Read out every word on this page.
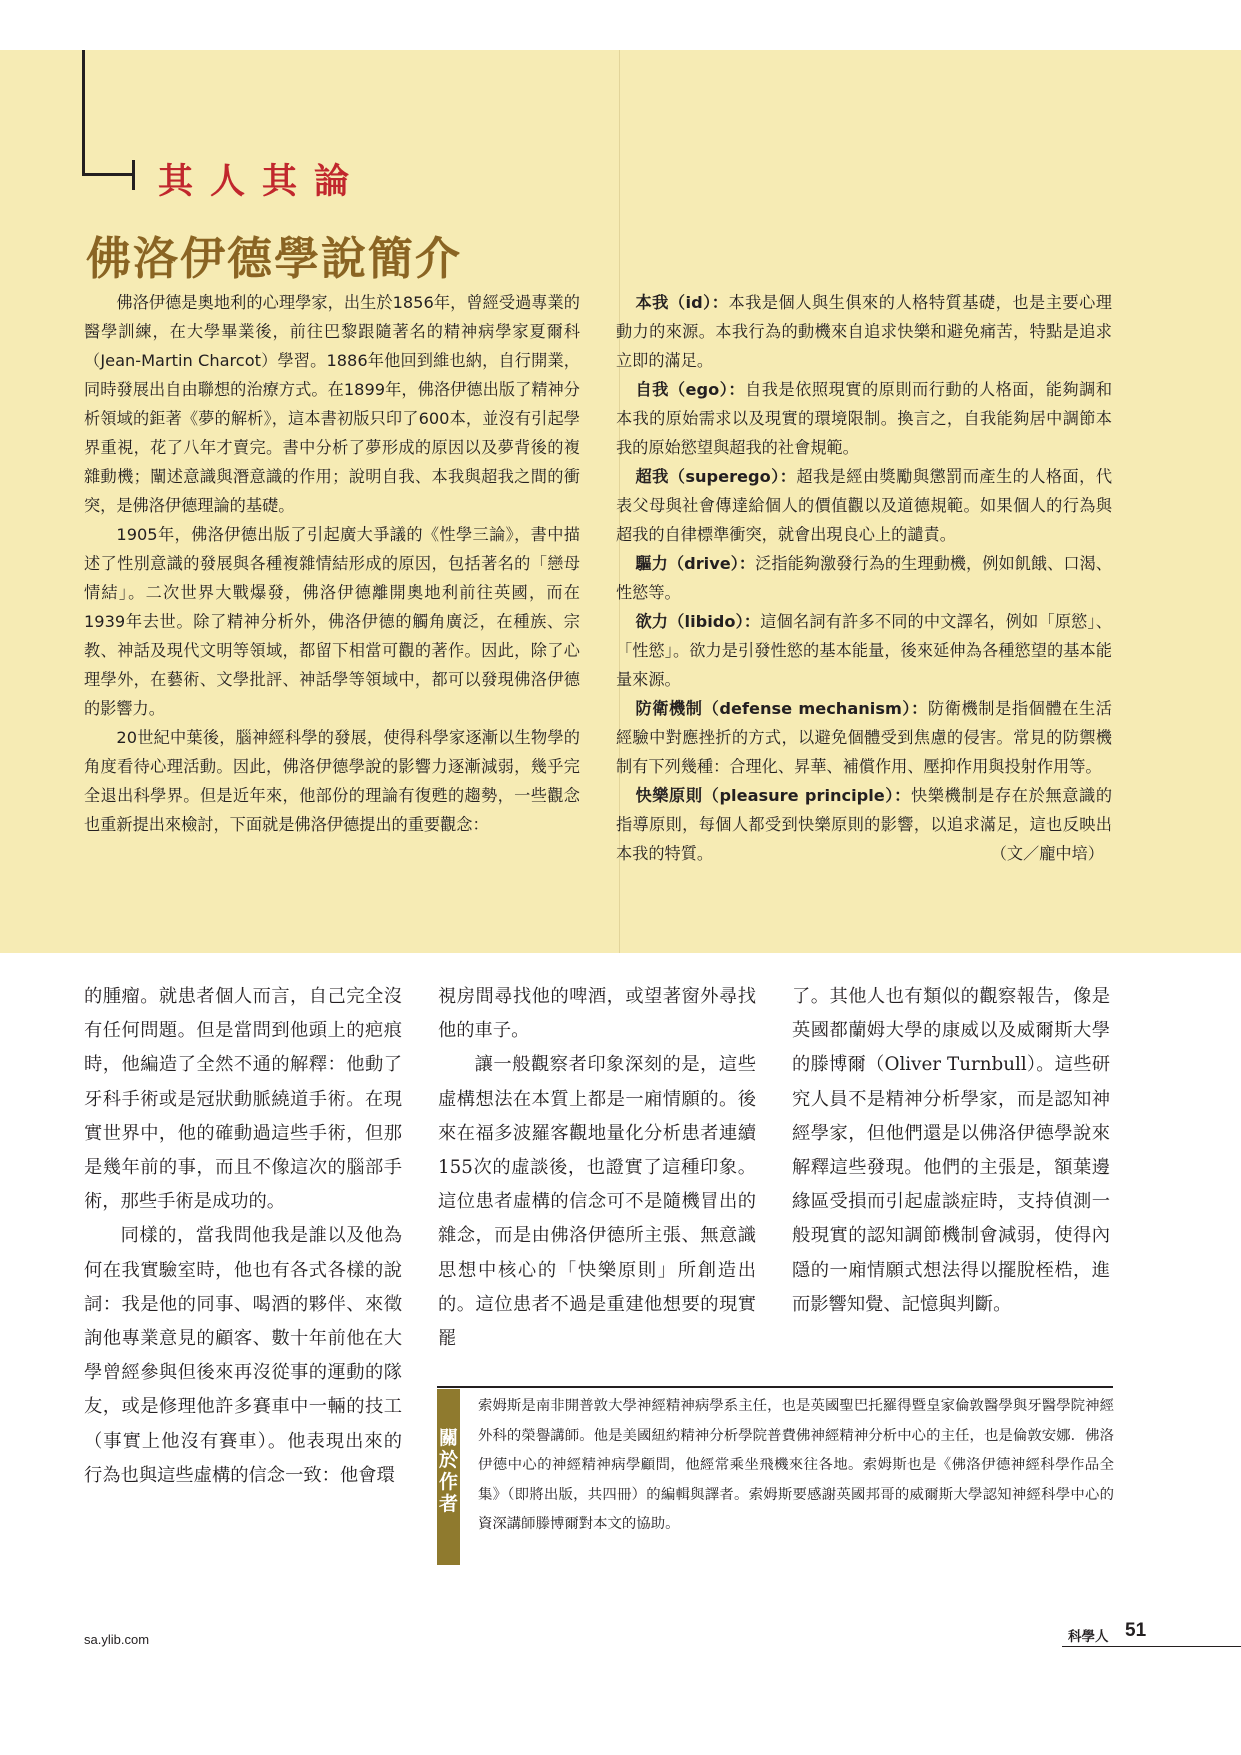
其人其論
佛洛伊德學說簡介

佛洛伊德是奧地利的心理學家，出生於1856年，曾經受過專業的醫學訓練，在大學畢業後，前往巴黎跟隨著名的精神病學家夏爾科（Jean-Martin Charcot）學習。1886年他回到維也納，自行開業，同時發展出自由聯想的治療方式。在1899年，佛洛伊德出版了精神分析領域的鉅著《夢的解析》，這本書初版只印了600本，並沒有引起學界重視，花了八年才賣完。書中分析了夢形成的原因以及夢背後的複雜動機；闡述意識與潛意識的作用；說明自我、本我與超我之間的衝突，是佛洛伊德理論的基礎。

1905年，佛洛伊德出版了引起廣大爭議的《性學三論》，書中描述了性別意識的發展與各種複雜情結形成的原因，包括著名的「戀母情結」。二次世界大戰爆發，佛洛伊德離開奧地利前往英國，而在1939年去世。除了精神分析外，佛洛伊德的觸角廣泛，在種族、宗教、神話及現代文明等領域，都留下相當可觀的著作。因此，除了心理學外，在藝術、文學批評、神話學等領域中，都可以發現佛洛伊德的影響力。

20世紀中葉後，腦神經科學的發展，使得科學家逐漸以生物學的角度看待心理活動。因此，佛洛伊德學說的影響力逐漸減弱，幾乎完全退出科學界。但是近年來，他部份的理論有復甦的趨勢，一些觀念也重新提出來檢討，下面就是佛洛伊德提出的重要觀念：

本我（id）：本我是個人與生俱來的人格特質基礎，也是主要心理動力的來源。本我行為的動機來自追求快樂和避免痛苦，特點是追求立即的滿足。

自我（ego）：自我是依照現實的原則而行動的人格面，能夠調和本我的原始需求以及現實的環境限制。換言之，自我能夠居中調節本我的原始慾望與超我的社會規範。

超我（superego）：超我是經由獎勵與懲罰而產生的人格面，代表父母與社會傳達給個人的價值觀以及道德規範。如果個人的行為與超我的自律標準衝突，就會出現良心上的譴責。

驅力（drive）：泛指能夠激發行為的生理動機，例如飢餓、口渴、性慾等。

欲力（libido）：這個名詞有許多不同的中文譯名，例如「原慾」、「性慾」。欲力是引發性慾的基本能量，後來延伸為各種慾望的基本能量來源。

防衛機制（defense mechanism）：防衛機制是指個體在生活經驗中對應挫折的方式，以避免個體受到焦慮的侵害。常見的防禦機制有下列幾種：合理化、昇華、補償作用、壓抑作用與投射作用等。

快樂原則（pleasure principle）：快樂機制是存在於無意識的指導原則，每個人都受到快樂原則的影響，以追求滿足，這也反映出本我的特質。	（文／龐中培）

的腫瘤。就患者個人而言，自己完全沒有任何問題。但是當問到他頭上的疤痕時，他編造了全然不通的解釋：他動了牙科手術或是冠狀動脈繞道手術。在現實世界中，他的確動過這些手術，但那是幾年前的事，而且不像這次的腦部手術，那些手術是成功的。

同樣的，當我問他我是誰以及他為何在我實驗室時，他也有各式各樣的說詞：我是他的同事、喝酒的夥伴、來徵詢他專業意見的顧客、數十年前他在大學曾經參與但後來再沒從事的運動的隊友，或是修理他許多賽車中一輛的技工（事實上他沒有賽車）。他表現出來的行為也與這些虛構的信念一致：他會環

視房間尋找他的啤酒，或望著窗外尋找他的車子。

讓一般觀察者印象深刻的是，這些虛構想法在本質上都是一廂情願的。後來在福多波羅客觀地量化分析患者連續155次的虛談後，也證實了這種印象。這位患者虛構的信念可不是隨機冒出的雜念，而是由佛洛伊德所主張、無意識思想中核心的「快樂原則」所創造出的。這位患者不過是重建他想要的現實罷

了。其他人也有類似的觀察報告，像是英國都蘭姆大學的康威以及威爾斯大學的滕博爾（Oliver Turnbull）。這些研究人員不是精神分析學家，而是認知神經學家，但他們還是以佛洛伊德學說來解釋這些發現。他們的主張是，額葉邊緣區受損而引起虛談症時，支持偵測一般現實的認知調節機制會減弱，使得內隱的一廂情願式想法得以擺脫桎梏，進而影響知覺、記憶與判斷。

關於作者
索姆斯是南非開普敦大學神經精神病學系主任，也是英國聖巴托羅得暨皇家倫敦醫學與牙醫學院神經外科的榮譽講師。他是美國紐約精神分析學院普費佛神經精神分析中心的主任，也是倫敦安娜．佛洛伊德中心的神經精神病學顧問，他經常乘坐飛機來往各地。索姆斯也是《佛洛伊德神經科學作品全集》（即將出版，共四冊）的編輯與譯者。索姆斯要感謝英國邦哥的威爾斯大學認知神經科學中心的資深講師滕博爾對本文的協助。
sa.ylib.com	科學人 51
